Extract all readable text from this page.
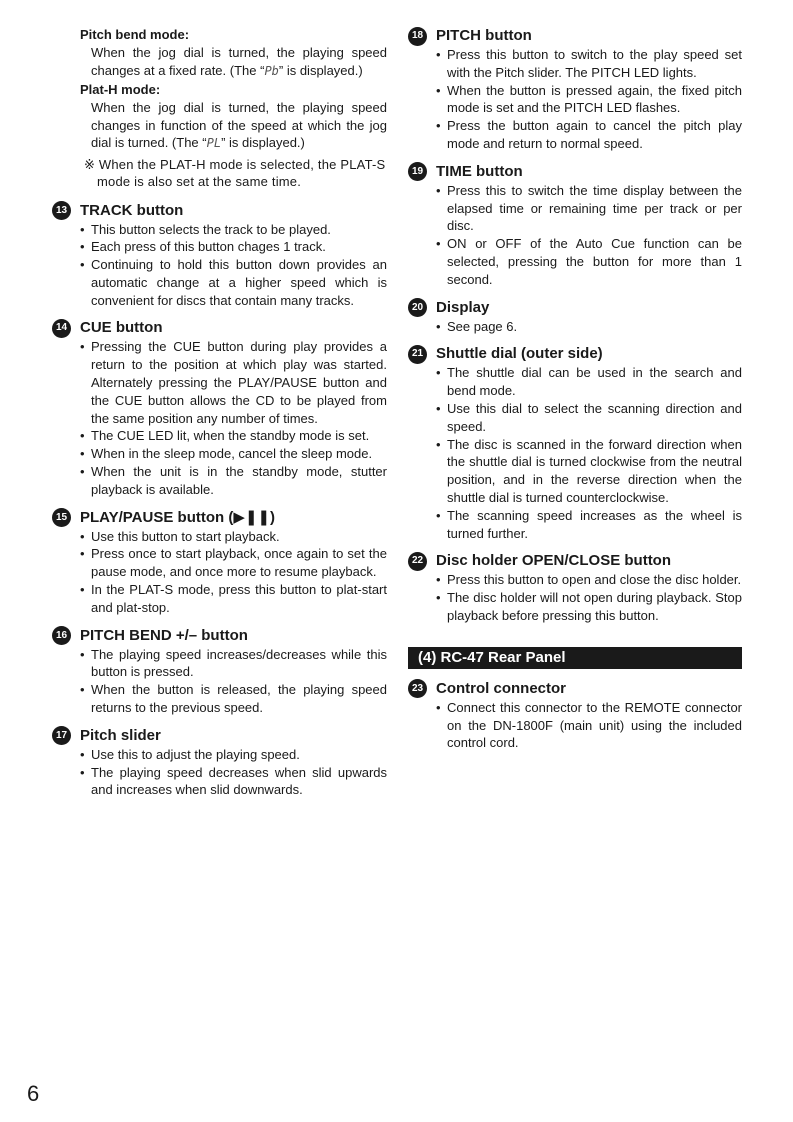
Pitch bend mode:
When the jog dial is turned, the playing speed changes at a fixed rate. (The “Pb” is displayed.)
Plat-H mode:
When the jog dial is turned, the playing speed changes in function of the speed at which the jog dial is turned. (The “PL” is displayed.)
※ When the PLAT-H mode is selected, the PLAT-S mode is also set at the same time.
13 TRACK button
• This button selects the track to be played.
• Each press of this button chages 1 track.
• Continuing to hold this button down provides an automatic change at a higher speed which is convenient for discs that contain many tracks.
14 CUE button
• Pressing the CUE button during play provides a return to the position at which play was started. Alternately pressing the PLAY/PAUSE button and the CUE button allows the CD to be played from the same position any number of times.
• The CUE LED lit, when the standby mode is set.
• When in the sleep mode, cancel the sleep mode.
• When the unit is in the standby mode, stutter playback is available.
15 PLAY/PAUSE button (▶❚❚)
• Use this button to start playback.
• Press once to start playback, once again to set the pause mode, and once more to resume playback.
• In the PLAT-S mode, press this button to plat-start and plat-stop.
16 PITCH BEND +/– button
• The playing speed increases/decreases while this button is pressed.
• When the button is released, the playing speed returns to the previous speed.
17 Pitch slider
• Use this to adjust the playing speed.
• The playing speed decreases when slid upwards and increases when slid downwards.
18 PITCH button
• Press this button to switch to the play speed set with the Pitch slider. The PITCH LED lights.
• When the button is pressed again, the fixed pitch mode is set and the PITCH LED flashes.
• Press the button again to cancel the pitch play mode and return to normal speed.
19 TIME button
• Press this to switch the time display between the elapsed time or remaining time per track or per disc.
• ON or OFF of the Auto Cue function can be selected, pressing the button for more than 1 second.
20 Display
• See page 6.
21 Shuttle dial (outer side)
• The shuttle dial can be used in the search and bend mode.
• Use this dial to select the scanning direction and speed.
• The disc is scanned in the forward direction when the shuttle dial is turned clockwise from the neutral position, and in the reverse direction when the shuttle dial is turned counterclockwise.
• The scanning speed increases as the wheel is turned further.
22 Disc holder OPEN/CLOSE button
• Press this button to open and close the disc holder.
• The disc holder will not open during playback. Stop playback before pressing this button.
(4) RC-47 Rear Panel
23 Control connector
• Connect this connector to the REMOTE connector on the DN-1800F (main unit) using the included control cord.
6
